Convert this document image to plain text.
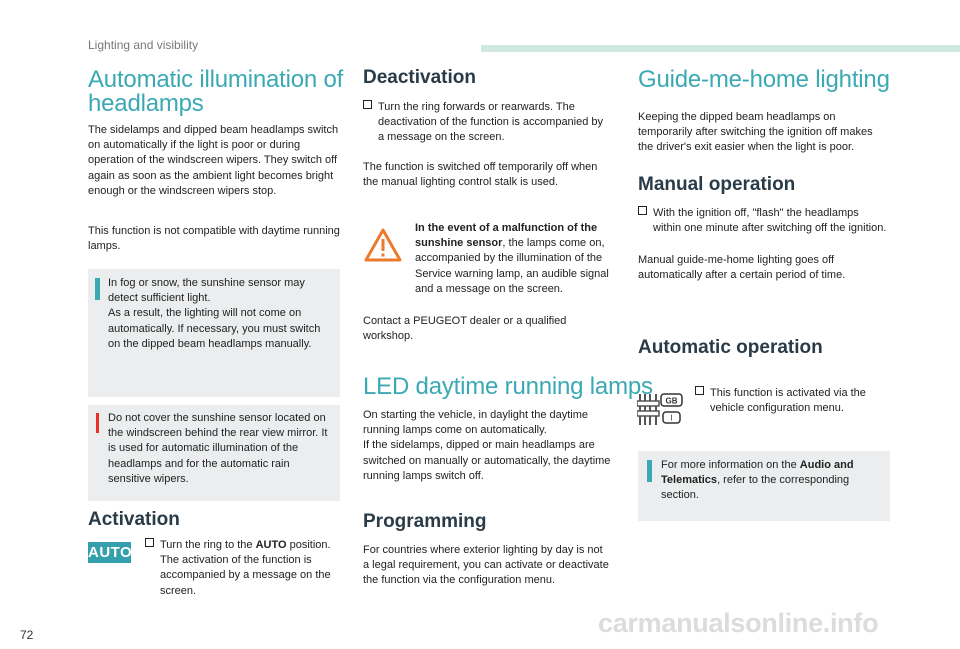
Lighting and visibility
Automatic illumination of
headlamps
The sidelamps and dipped beam headlamps switch on automatically if the light is poor or during operation of the windscreen wipers. They switch off again as soon as the ambient light becomes bright enough or the windscreen wipers stop.
This function is not compatible with daytime running lamps.
In fog or snow, the sunshine sensor may detect sufficient light.
As a result, the lighting will not come on automatically. If necessary, you must switch on the dipped beam headlamps manually.
Do not cover the sunshine sensor located on the windscreen behind the rear view mirror. It is used for automatic illumination of the headlamps and for the automatic rain sensitive wipers.
Activation
AUTO	Turn the ring to the AUTO position. The activation of the function is accompanied by a message on the screen.
Deactivation
Turn the ring forwards or rearwards. The deactivation of the function is accompanied by a message on the screen.
The function is switched off temporarily off when the manual lighting control stalk is used.
In the event of a malfunction of the sunshine sensor, the lamps come on, accompanied by the illumination of the Service warning lamp, an audible signal and a message on the screen.
Contact a PEUGEOT dealer or a qualified workshop.
LED daytime running lamps
On starting the vehicle, in daylight the daytime running lamps come on automatically.
If the sidelamps, dipped or main headlamps are switched on manually or automatically, the daytime running lamps switch off.
Programming
For countries where exterior lighting by day is not a legal requirement, you can activate or deactivate the function via the configuration menu.
Guide-me-home lighting
Keeping the dipped beam headlamps on temporarily after switching the ignition off makes the driver's exit easier when the light is poor.
Manual operation
With the ignition off, "flash" the headlamps within one minute after switching off the ignition.
Manual guide-me-home lighting goes off automatically after a certain period of time.
Automatic operation
GB
I
This function is activated via the vehicle configuration menu.
For more information on the Audio and Telematics, refer to the corresponding section.
72	carmanualsonline.info
